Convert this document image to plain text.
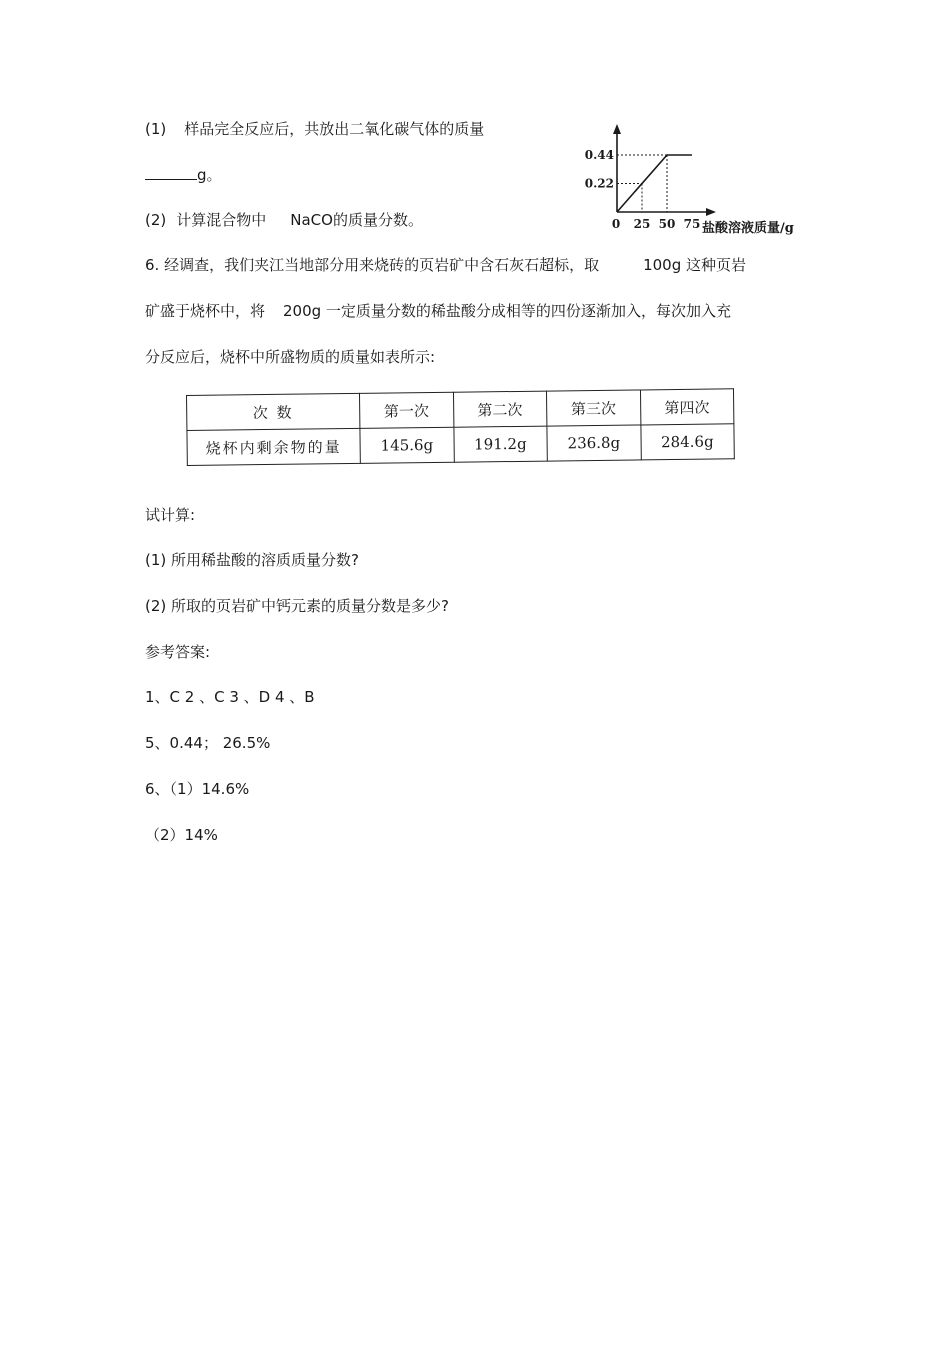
(1) 样品完全反应后，共放出二氧化碳气体的质量
g。
(2) 计算混合物中 NaCO的质量分数。
0.22
0.44
0 25 50 75 盐酸溶液质量/g
6. 经调查，我们夹江当地部分用来烧砖的页岩矿中含石灰石超标，取	100g 这种页岩
矿盛于烧杯中，将 200g 一定质量分数的稀盐酸分成相等的四份逐渐加入，每次加入充
分反应后，烧杯中所盛物质的质量如表所示:
次 数	第一次	第二次	第三次	第四次
烧杯内剩余物的量	145.6g	191.2g	236.8g	284.6g
试计算:
(1) 所用稀盐酸的溶质质量分数?
(2) 所取的页岩矿中钙元素的质量分数是多少?
参考答案:
1、C 2 、C 3 、D 4 、B
5、0.44； 26.5%
6、（1）14.6%
（2）14%
